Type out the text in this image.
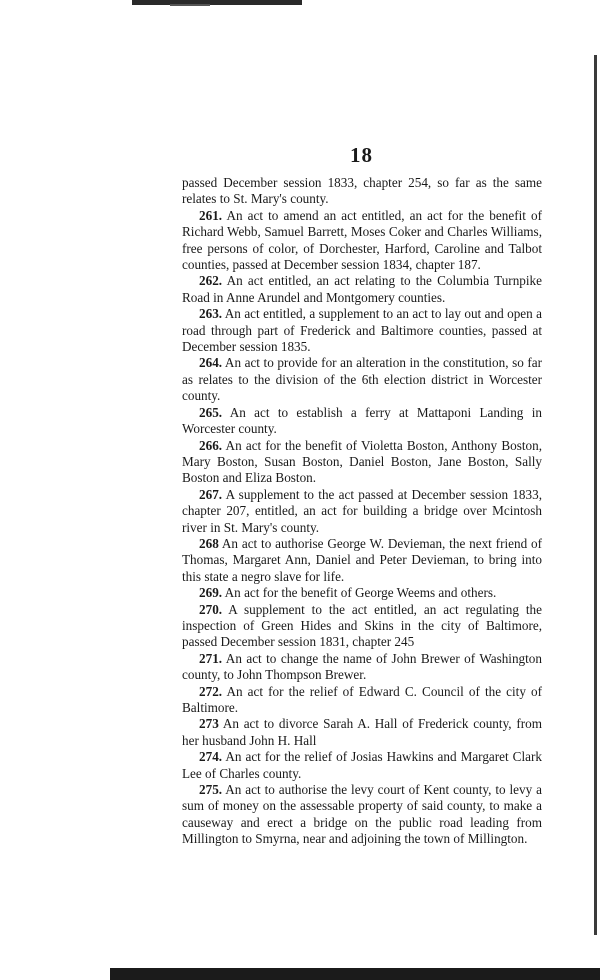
18

passed December session 1833, chapter 254, so far as the same relates to St. Mary's county.

261. An act to amend an act entitled, an act for the benefit of Richard Webb, Samuel Barrett, Moses Coker and Charles Williams, free persons of color, of Dorchester, Harford, Caroline and Talbot counties, passed at December session 1834, chapter 187.

262. An act entitled, an act relating to the Columbia Turnpike Road in Anne Arundel and Montgomery counties.

263. An act entitled, a supplement to an act to lay out and open a road through part of Frederick and Baltimore counties, passed at December session 1835.

264. An act to provide for an alteration in the constitution, so far as relates to the division of the 6th election district in Worcester county.

265. An act to establish a ferry at Mattaponi Landing in Worcester county.

266. An act for the benefit of Violetta Boston, Anthony Boston, Mary Boston, Susan Boston, Daniel Boston, Jane Boston, Sally Boston and Eliza Boston.

267. A supplement to the act passed at December session 1833, chapter 207, entitled, an act for building a bridge over Mcintosh river in St. Mary's county.

268 An act to authorise George W. Devieman, the next friend of Thomas, Margaret Ann, Daniel and Peter Devieman, to bring into this state a negro slave for life.

269. An act for the benefit of George Weems and others.

270. A supplement to the act entitled, an act regulating the inspection of Green Hides and Skins in the city of Baltimore, passed December session 1831, chapter 245

271. An act to change the name of John Brewer of Washington county, to John Thompson Brewer.

272. An act for the relief of Edward C. Council of the city of Baltimore.

273 An act to divorce Sarah A. Hall of Frederick county, from her husband John H. Hall

274. An act for the relief of Josias Hawkins and Margaret Clark Lee of Charles county.

275. An act to authorise the levy court of Kent county, to levy a sum of money on the assessable property of said county, to make a causeway and erect a bridge on the public road leading from Millington to Smyrna, near and adjoining the town of Millington.
